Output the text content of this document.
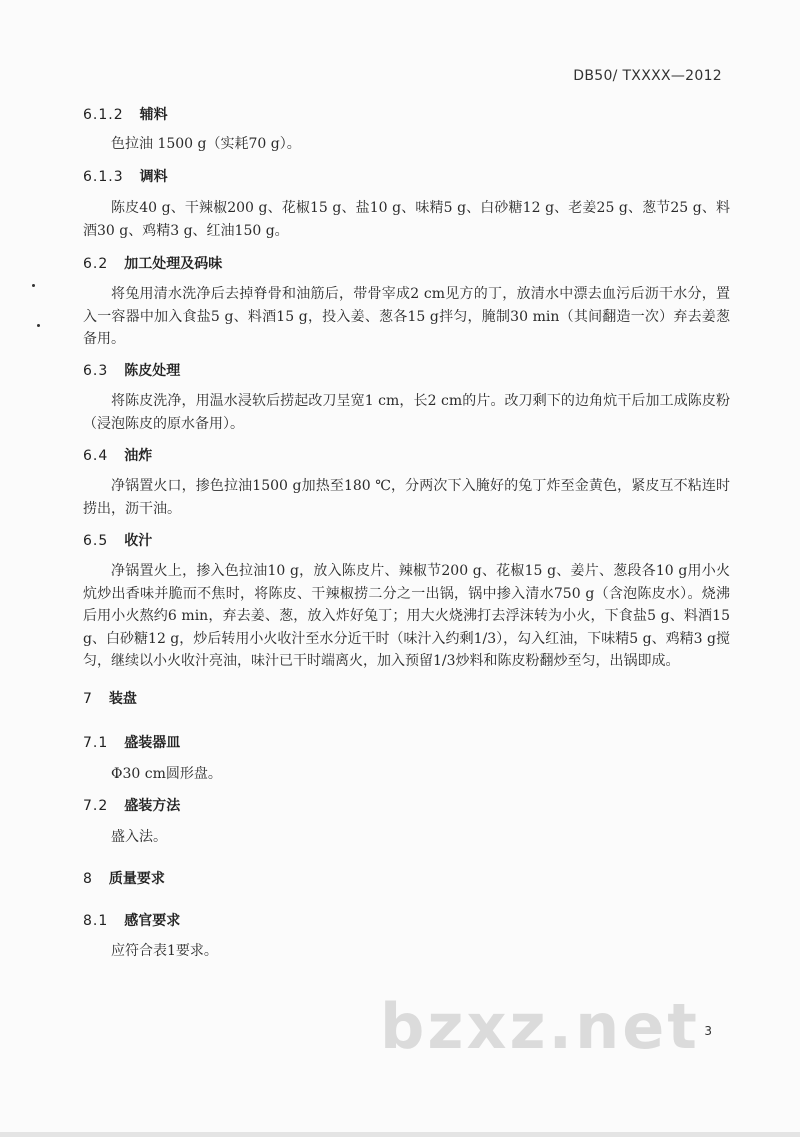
DB50/ TXXXX—2012
6.1.2 辅料
色拉油 1500 g（实耗70 g）。
6.1.3 调料
陈皮40 g、干辣椒200 g、花椒15 g、盐10 g、味精5 g、白砂糖12 g、老姜25 g、葱节25 g、料酒30 g、鸡精3 g、红油150 g。
6.2 加工处理及码味
将兔用清水洗净后去掉脊骨和油筋后，带骨宰成2 cm见方的丁，放清水中漂去血污后沥干水分，置入一容器中加入食盐5 g、料酒15 g，投入姜、葱各15 g拌匀，腌制30 min（其间翻造一次）弃去姜葱备用。
6.3 陈皮处理
将陈皮洗净，用温水浸软后捞起改刀呈宽1 cm，长2 cm的片。改刀剩下的边角炕干后加工成陈皮粉（浸泡陈皮的原水备用）。
6.4 油炸
净锅置火口，掺色拉油1500 g加热至180 ℃，分两次下入腌好的兔丁炸至金黄色，紧皮互不粘连时捞出，沥干油。
6.5 收汁
净锅置火上，掺入色拉油10 g，放入陈皮片、辣椒节200 g、花椒15 g、姜片、葱段各10 g用小火炕炒出香味并脆而不焦时，将陈皮、干辣椒捞二分之一出锅，锅中掺入清水750 g（含泡陈皮水）。烧沸后用小火熬约6 min，弃去姜、葱，放入炸好兔丁；用大火烧沸打去浮沫转为小火，下食盐5 g、料酒15 g、白砂糖12 g，炒后转用小火收汁至水分近干时（味汁入约剩1/3），勾入红油，下味精5 g、鸡精3 g搅匀，继续以小火收汁亮油，味汁已干时端离火，加入预留1/3炒料和陈皮粉翻炒至匀，出锅即成。
7 装盘
7.1 盛装器皿
Φ30 cm圆形盘。
7.2 盛装方法
盛入法。
8 质量要求
8.1 感官要求
应符合表1要求。
bzxz.net 3
